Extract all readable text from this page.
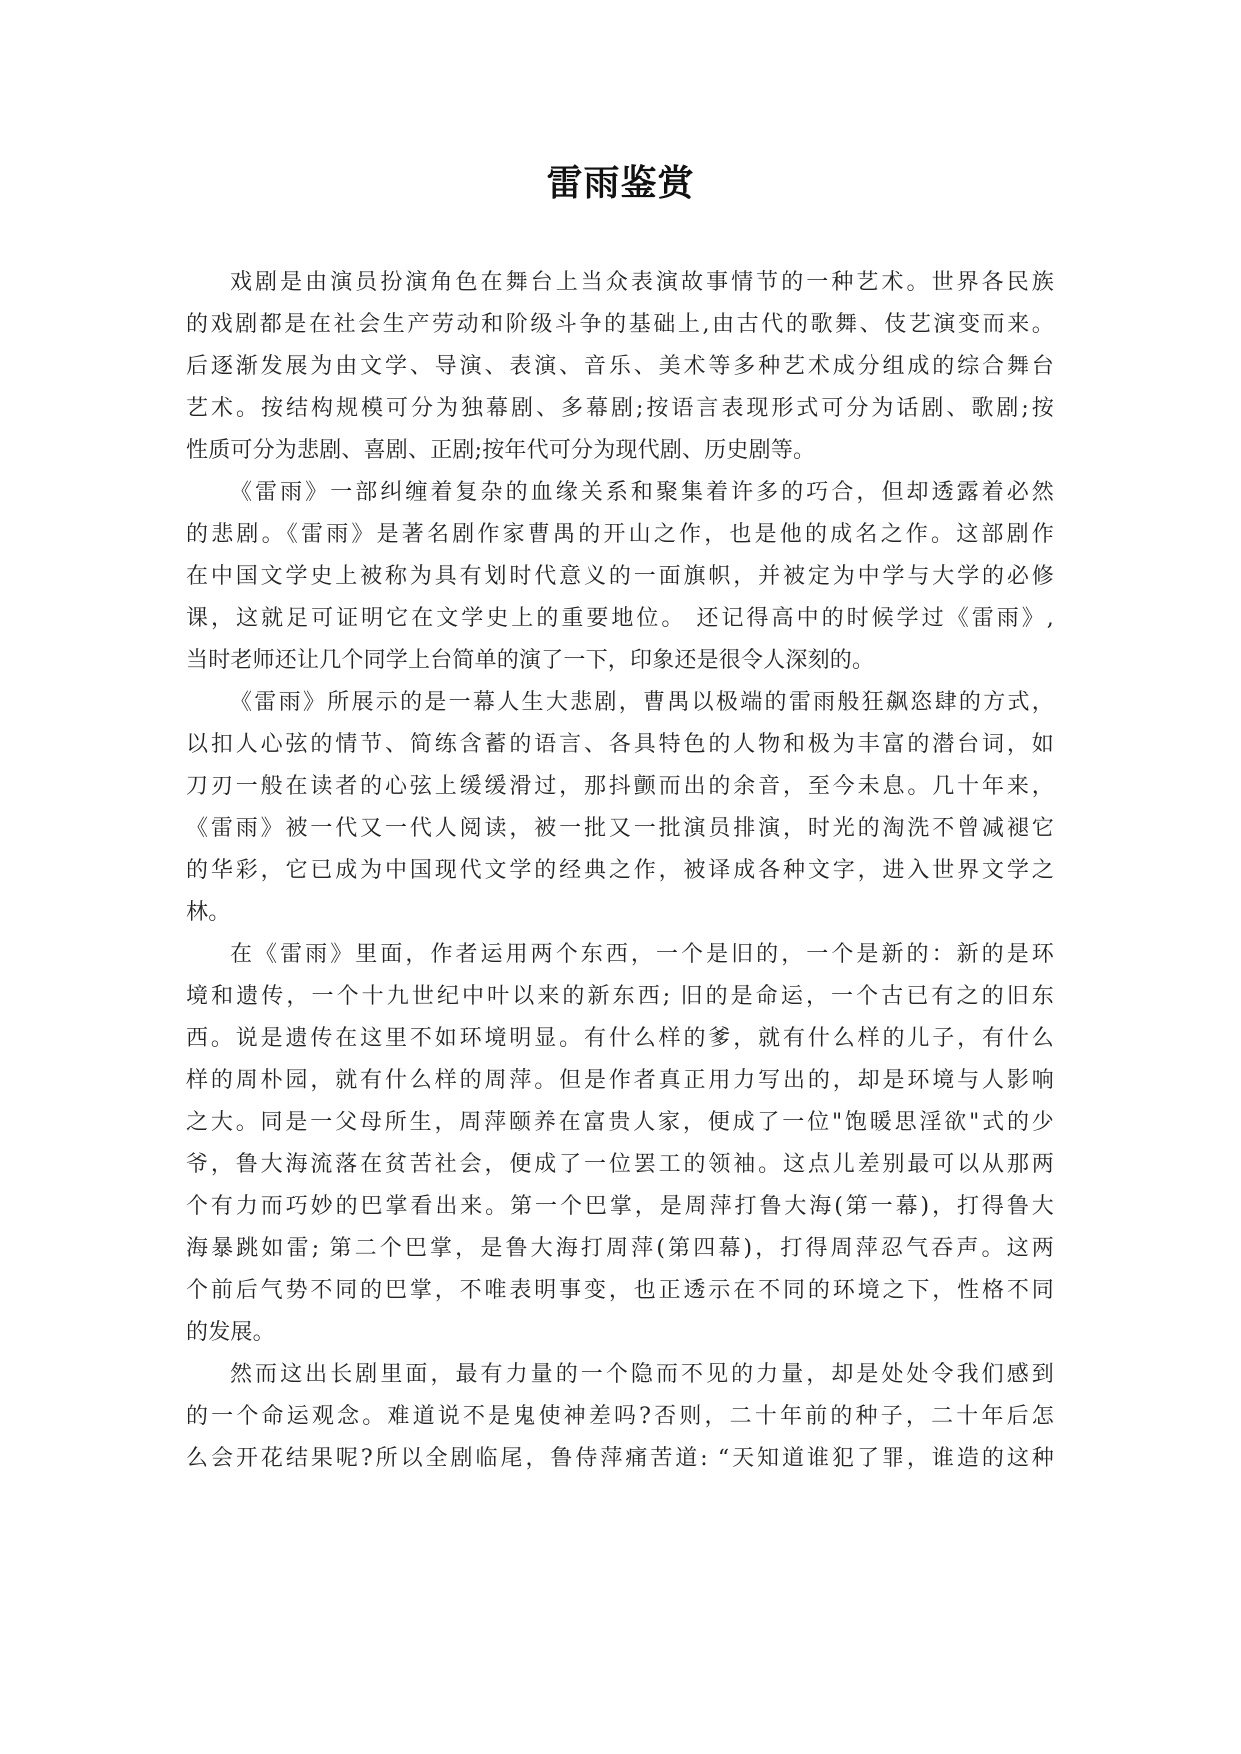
雷雨鉴赏
戏剧是由演员扮演角色在舞台上当众表演故事情节的一种艺术。世界各民族
的戏剧都是在社会生产劳动和阶级斗争的基础上,由古代的歌舞、伎艺演变而来。
后逐渐发展为由文学、导演、表演、音乐、美术等多种艺术成分组成的综合舞台
艺术。按结构规模可分为独幕剧、多幕剧;按语言表现形式可分为话剧、歌剧;按
性质可分为悲剧、喜剧、正剧;按年代可分为现代剧、历史剧等。
《雷雨》一部纠缠着复杂的血缘关系和聚集着许多的巧合，但却透露着必然
的悲剧。《雷雨》是著名剧作家曹禺的开山之作，也是他的成名之作。这部剧作
在中国文学史上被称为具有划时代意义的一面旗帜，并被定为中学与大学的必修
课，这就足可证明它在文学史上的重要地位。 还记得高中的时候学过《雷雨》,
当时老师还让几个同学上台简单的演了一下，印象还是很令人深刻的。
《雷雨》所展示的是一幕人生大悲剧，曹禺以极端的雷雨般狂飙恣肆的方式，
以扣人心弦的情节、简练含蓄的语言、各具特色的人物和极为丰富的潜台词，如
刀刃一般在读者的心弦上缓缓滑过，那抖颤而出的余音，至今未息。几十年来，
《雷雨》被一代又一代人阅读，被一批又一批演员排演，时光的淘洗不曾减褪它
的华彩，它已成为中国现代文学的经典之作，被译成各种文字，进入世界文学之
林。
在《雷雨》里面，作者运用两个东西，一个是旧的，一个是新的：新的是环
境和遗传，一个十九世纪中叶以来的新东西; 旧的是命运，一个古已有之的旧东
西。说是遗传在这里不如环境明显。有什么样的爹，就有什么样的儿子，有什么
样的周朴园，就有什么样的周萍。但是作者真正用力写出的，却是环境与人影响
之大。同是一父母所生，周萍颐养在富贵人家，便成了一位"饱暖思淫欲"式的少
爷，鲁大海流落在贫苦社会，便成了一位罢工的领袖。这点儿差别最可以从那两
个有力而巧妙的巴掌看出来。第一个巴掌，是周萍打鲁大海(第一幕)，打得鲁大
海暴跳如雷; 第二个巴掌，是鲁大海打周萍(第四幕)，打得周萍忍气吞声。这两
个前后气势不同的巴掌，不唯表明事变，也正透示在不同的环境之下，性格不同
的发展。
然而这出长剧里面，最有力量的一个隐而不见的力量，却是处处令我们感到
的一个命运观念。难道说不是鬼使神差吗?否则，二十年前的种子，二十年后怎
么会开花结果呢?所以全剧临尾，鲁侍萍痛苦道: “天知道谁犯了罪，谁造的这种
